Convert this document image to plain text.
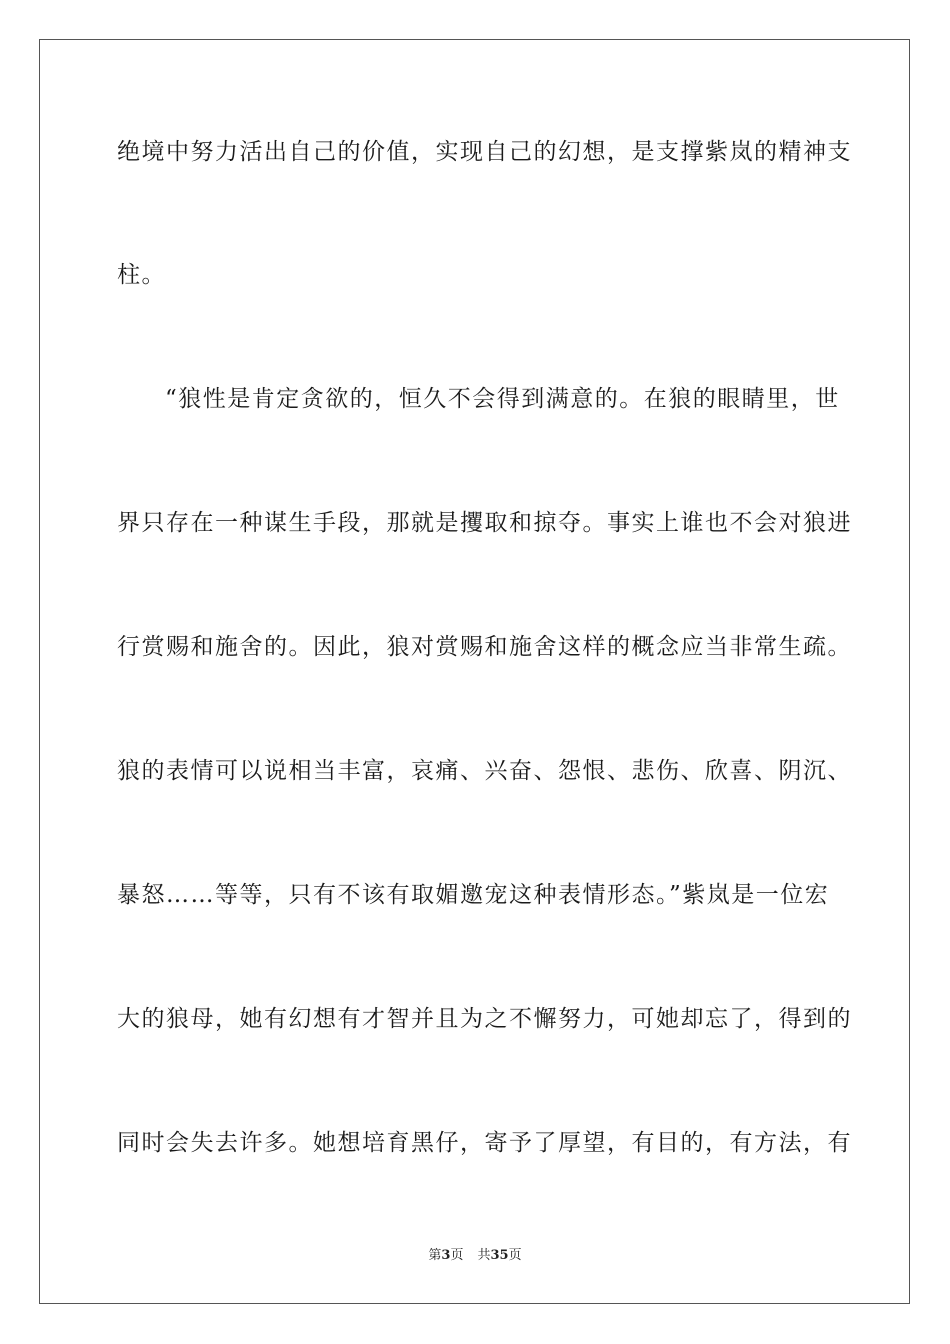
绝境中努力活出自己的价值，实现自己的幻想，是支撑紫岚的精神支
柱。
“狼性是肯定贪欲的，恒久不会得到满意的。在狼的眼睛里，世
界只存在一种谋生手段，那就是攫取和掠夺。事实上谁也不会对狼进
行赏赐和施舍的。因此，狼对赏赐和施舍这样的概念应当非常生疏。
狼的表情可以说相当丰富，哀痛、兴奋、怨恨、悲伤、欣喜、阴沉、
暴怒……等等，只有不该有取媚邀宠这种表情形态。”紫岚是一位宏
大的狼母，她有幻想有才智并且为之不懈努力，可她却忘了，得到的
同时会失去许多。她想培育黑仔，寄予了厚望，有目的，有方法，有
第3页 共35页
